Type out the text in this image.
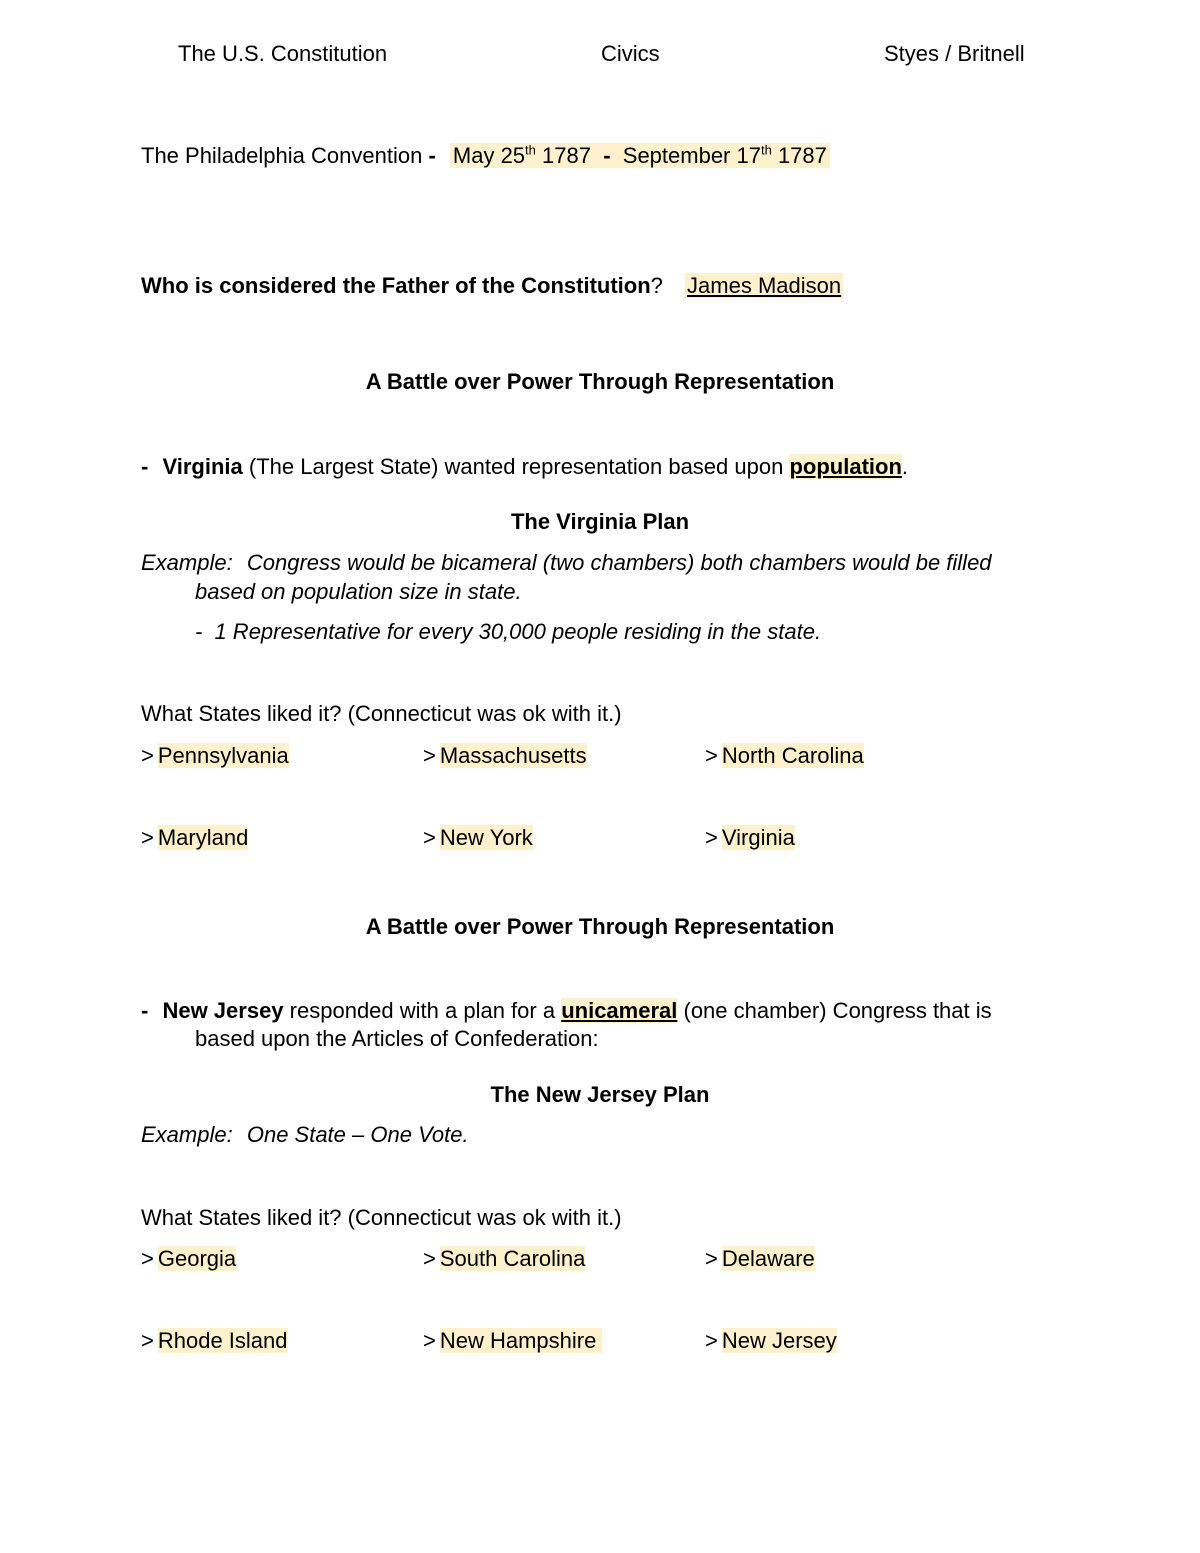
The U.S. Constitution	Civics	Styes / Britnell
The Philadelphia Convention - May 25th 1787 - September 17th 1787
Who is considered the Father of the Constitution? James Madison
A Battle over Power Through Representation
- Virginia (The Largest State) wanted representation based upon population.
The Virginia Plan
Example: Congress would be bicameral (two chambers) both chambers would be filled
based on population size in state.
- 1 Representative for every 30,000 people residing in the state.
What States liked it? (Connecticut was ok with it.)
> Pennsylvania	> Massachusetts	> North Carolina
> Maryland	> New York	> Virginia
A Battle over Power Through Representation
- New Jersey responded with a plan for a unicameral (one chamber) Congress that is
based upon the Articles of Confederation:
The New Jersey Plan
Example: One State – One Vote.
What States liked it? (Connecticut was ok with it.)
> Georgia	> South Carolina	> Delaware
> Rhode Island	> New Hampshire	> New Jersey
